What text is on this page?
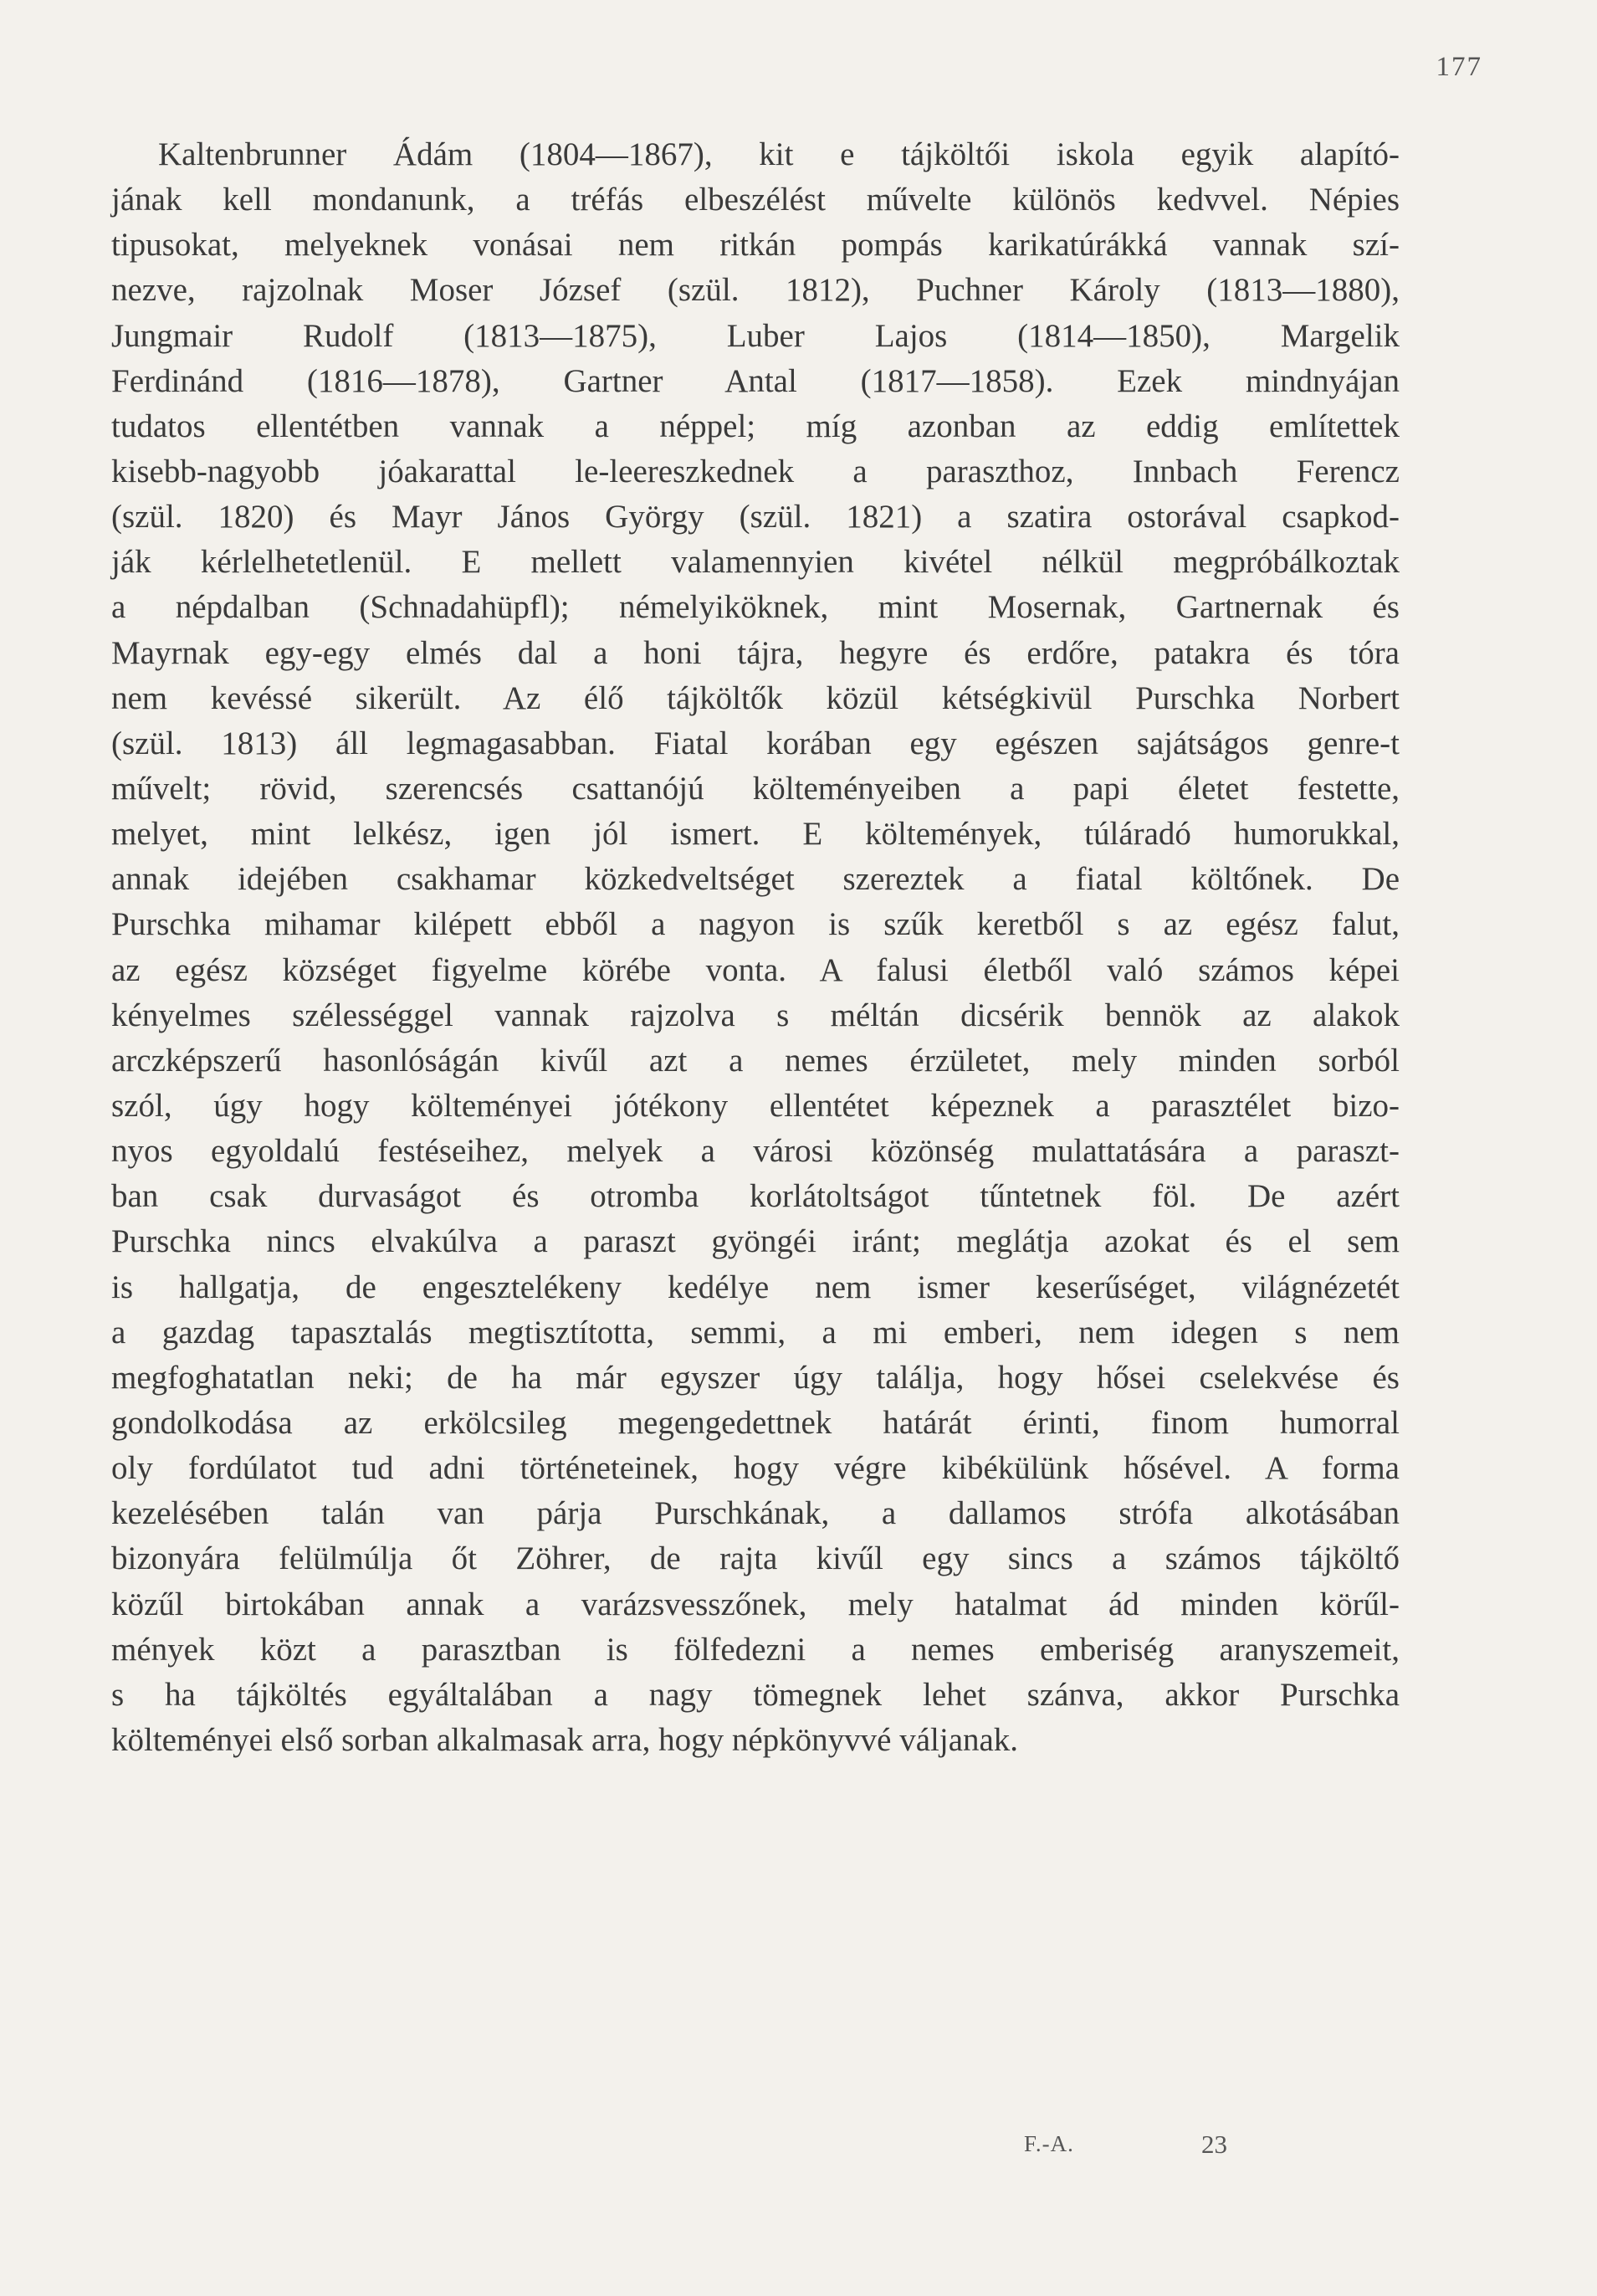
177

Kaltenbrunner Ádám (1804—1867), kit e tájköltői iskola egyik alapító-
jának kell mondanunk, a tréfás elbeszélést művelte különös kedvvel. Népies
tipusokat, melyeknek vonásai nem ritkán pompás karikatúrákká vannak szí-
nezve, rajzolnak Moser József (szül. 1812), Puchner Károly (1813—1880),
Jungmair Rudolf (1813—1875), Luber Lajos (1814—1850), Margelik
Ferdinánd (1816—1878), Gartner Antal (1817—1858). Ezek mindnyájan
tudatos ellentétben vannak a néppel; míg azonban az eddig említettek
kisebb-nagyobb jóakarattal le-leereszkednek a paraszthoz, Innbach Ferencz
(szül. 1820) és Mayr János György (szül. 1821) a szatira ostorával csapkod-
ják kérlelhetetlenül. E mellett valamennyien kivétel nélkül megpróbálkoztak
a népdalban (Schnadahüpfl); némelyiköknek, mint Mosernak, Gartnernak és
Mayrnak egy-egy elmés dal a honi tájra, hegyre és erdőre, patakra és tóra
nem kevéssé sikerült. Az élő tájköltők közül kétségkivül Purschka Norbert
(szül. 1813) áll legmagasabban. Fiatal korában egy egészen sajátságos genre-t
művelt; rövid, szerencsés csattanójú költeményeiben a papi életet festette,
melyet, mint lelkész, igen jól ismert. E költemények, túláradó humorukkal,
annak idejében csakhamar közkedveltséget szereztek a fiatal költőnek. De
Purschka mihamar kilépett ebből a nagyon is szűk keretből s az egész falut,
az egész községet figyelme körébe vonta. A falusi életből való számos képei
kényelmes szélességgel vannak rajzolva s méltán dicsérik bennök az alakok
arczképszerű hasonlóságán kivűl azt a nemes érzületet, mely minden sorból
szól, úgy hogy költeményei jótékony ellentétet képeznek a parasztélet bizo-
nyos egyoldalú festéseihez, melyek a városi közönség mulattatására a paraszt-
ban csak durvaságot és otromba korlátoltságot tűntetnek föl. De azért
Purschka nincs elvakúlva a paraszt gyöngéi iránt; meglátja azokat és el sem
is hallgatja, de engesztelékeny kedélye nem ismer keserűséget, világnézetét
a gazdag tapasztalás megtisztította, semmi, a mi emberi, nem idegen s nem
megfoghatatlan neki; de ha már egyszer úgy találja, hogy hősei cselekvése és
gondolkodása az erkölcsileg megengedettnek határát érinti, finom humorral
oly fordúlatot tud adni történeteinek, hogy végre kibékülünk hősével. A forma
kezelésében talán van párja Purschkának, a dallamos strófa alkotásában
bizonyára felülmúlja őt Zöhrer, de rajta kivűl egy sincs a számos tájköltő
közűl birtokában annak a varázsvesszőnek, mely hatalmat ád minden körűl-
mények közt a parasztban is fölfedezni a nemes emberiség aranyszemeit,
s ha tájköltés egyáltalában a nagy tömegnek lehet szánva, akkor Purschka
költeményei első sorban alkalmasak arra, hogy népkönyvvé váljanak.

F.-A.	23
